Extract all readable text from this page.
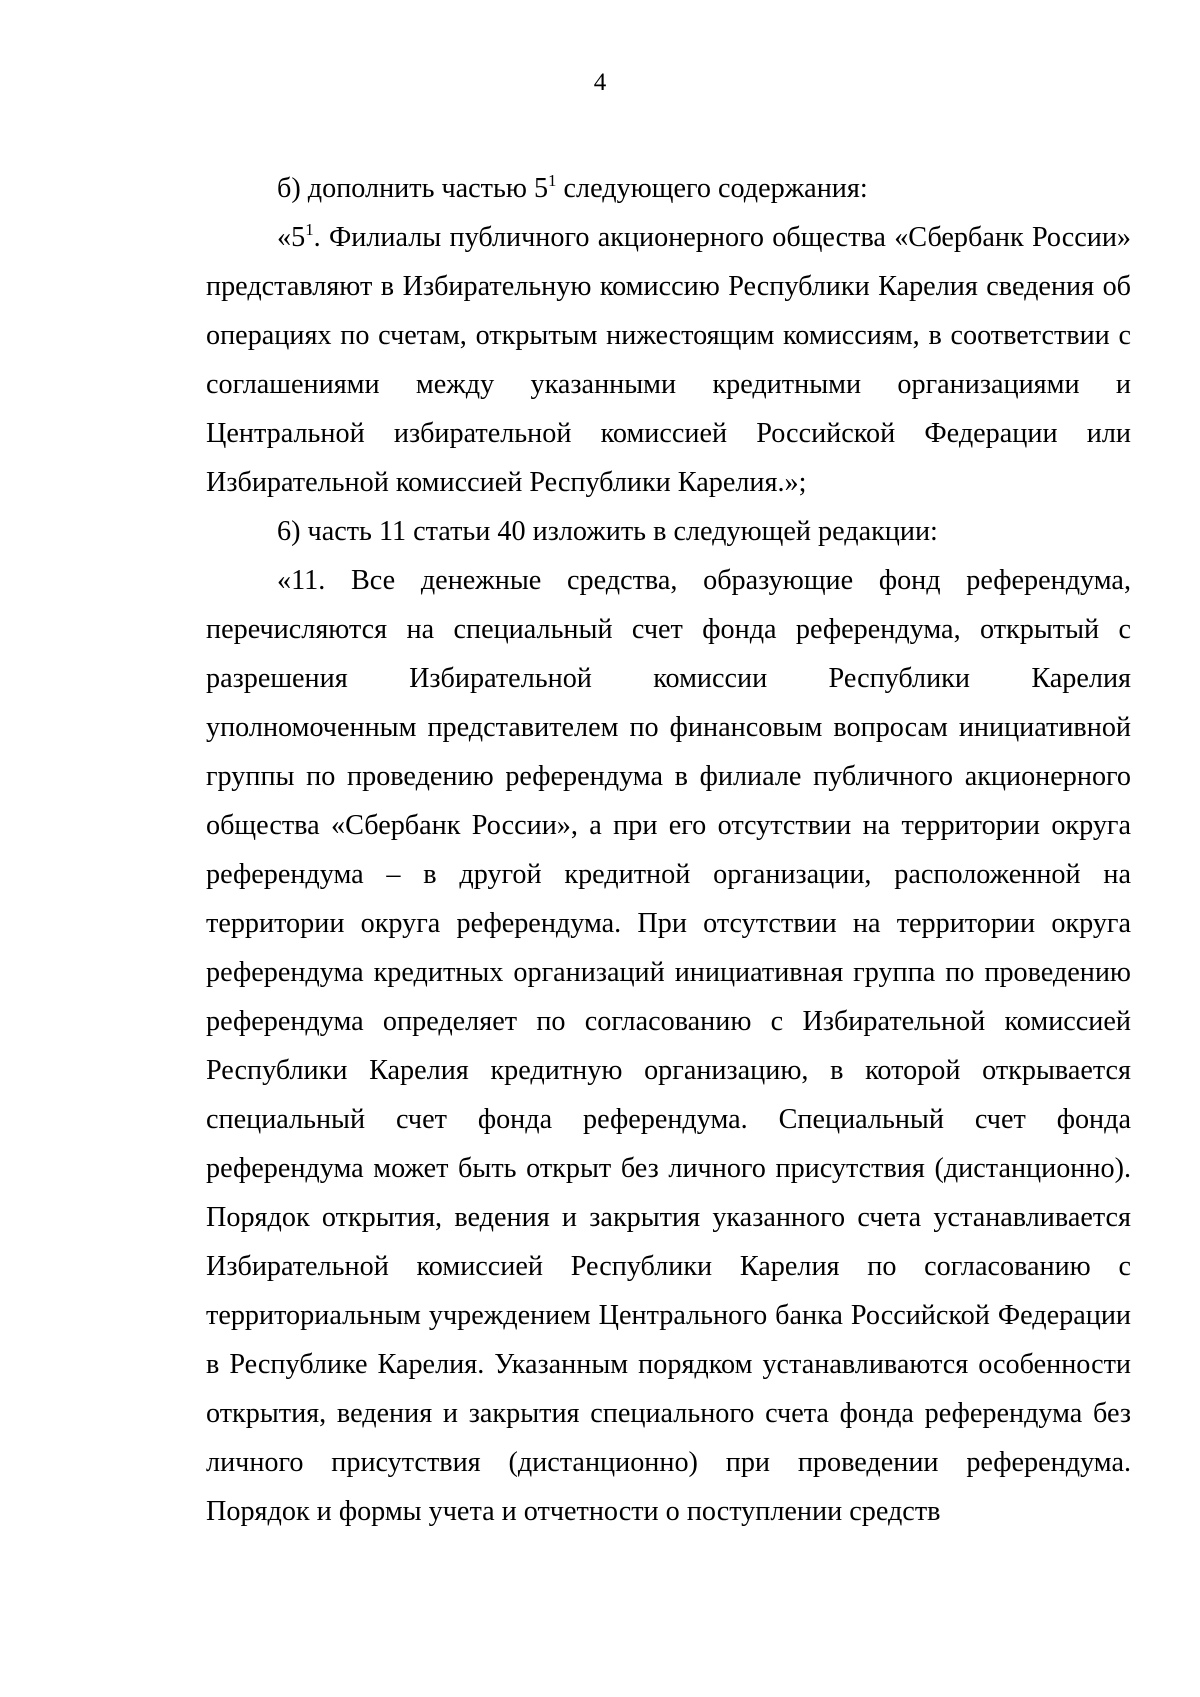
4

б) дополнить частью $5^1$ следующего содержания:

«$5^1$. Филиалы публичного акционерного общества «Сбербанк России» представляют в Избирательную комиссию Республики Карелия сведения об операциях по счетам, открытым нижестоящим комиссиям, в соответствии с соглашениями между указанными кредитными организациями и Центральной избирательной комиссией Российской Федерации или Избирательной комиссией Республики Карелия.»;

6) часть 11 статьи 40 изложить в следующей редакции:

«11. Все денежные средства, образующие фонд референдума, перечисляются на специальный счет фонда референдума, открытый с разрешения Избирательной комиссии Республики Карелия уполномоченным представителем по финансовым вопросам инициативной группы по проведению референдума в филиале публичного акционерного общества «Сбербанк России», а при его отсутствии на территории округа референдума – в другой кредитной организации, расположенной на территории округа референдума. При отсутствии на территории округа референдума кредитных организаций инициативная группа по проведению референдума определяет по согласованию с Избирательной комиссией Республики Карелия кредитную организацию, в которой открывается специальный счет фонда референдума. Специальный счет фонда референдума может быть открыт без личного присутствия (дистанционно). Порядок открытия, ведения и закрытия указанного счета устанавливается Избирательной комиссией Республики Карелия по согласованию с территориальным учреждением Центрального банка Российской Федерации в Республике Карелия. Указанным порядком устанавливаются особенности открытия, ведения и закрытия специального счета фонда референдума без личного присутствия (дистанционно) при проведении референдума. Порядок и формы учета и отчетности о поступлении средств
